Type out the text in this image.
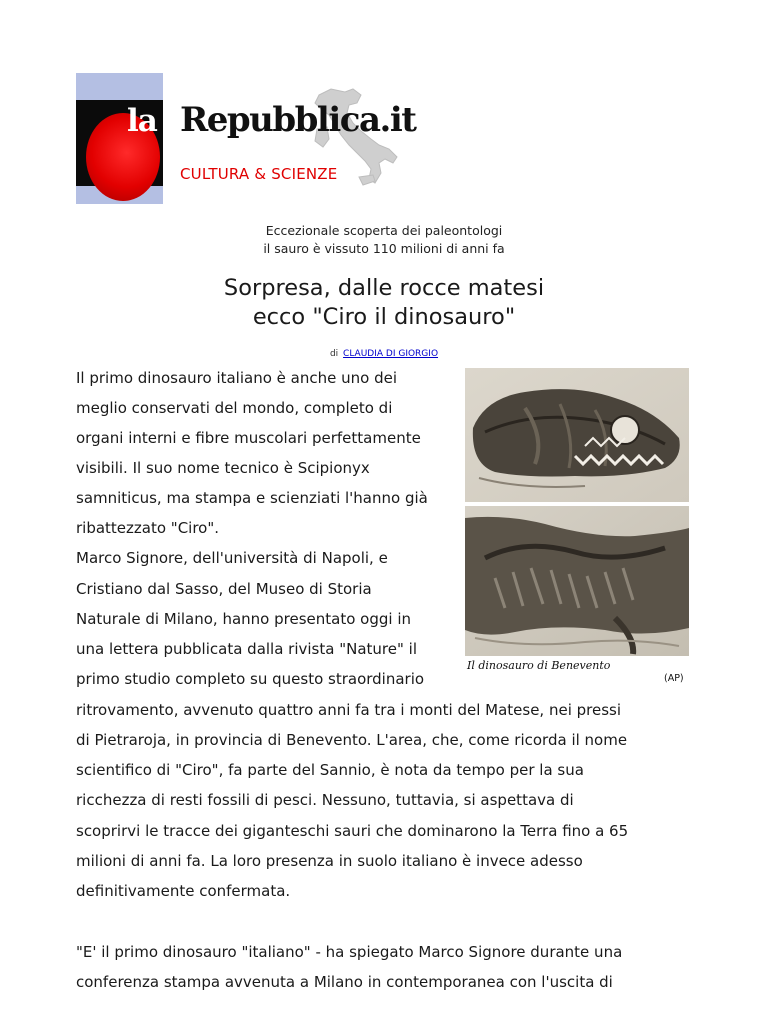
la Repubblica.it
CULTURA & SCIENZE
Eccezionale scoperta dei paleontologi
il sauro è vissuto 110 milioni di anni fa
Sorpresa, dalle rocce matesi
ecco "Ciro il dinosauro"
di CLAUDIA DI GIORGIO
Il dinosauro di Benevento
(AP)
Il primo dinosauro italiano è anche uno dei
meglio conservati del mondo, completo di
organi interni e fibre muscolari perfettamente
visibili. Il suo nome tecnico è Scipionyx
samniticus, ma stampa e scienziati l'hanno già
ribattezzato "Ciro".
Marco Signore, dell'università di Napoli, e
Cristiano dal Sasso, del Museo di Storia
Naturale di Milano, hanno presentato oggi in
una lettera pubblicata dalla rivista "Nature" il
primo studio completo su questo straordinario
ritrovamento, avvenuto quattro anni fa tra i monti del Matese, nei pressi
di Pietraroja, in provincia di Benevento. L'area, che, come ricorda il nome
scientifico di "Ciro", fa parte del Sannio, è nota da tempo per la sua
ricchezza di resti fossili di pesci. Nessuno, tuttavia, si aspettava di
scoprirvi le tracce dei giganteschi sauri che dominarono la Terra fino a 65
milioni di anni fa. La loro presenza in suolo italiano è invece adesso
definitivamente confermata.
"E' il primo dinosauro "italiano" - ha spiegato Marco Signore durante una
conferenza stampa avvenuta a Milano in contemporanea con l'uscita di
